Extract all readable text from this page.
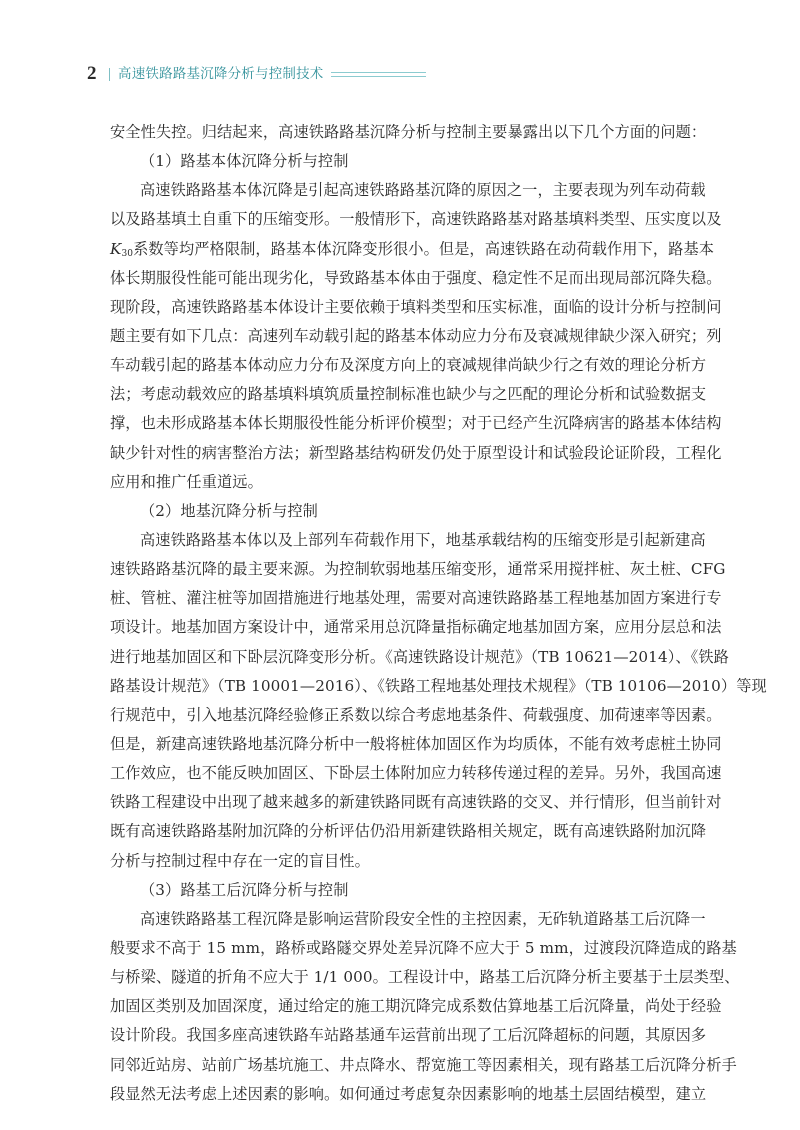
2 高速铁路路基沉降分析与控制技术
安全性失控。归结起来，高速铁路路基沉降分析与控制主要暴露出以下几个方面的问题：
（1）路基本体沉降分析与控制
高速铁路路基本体沉降是引起高速铁路路基沉降的原因之一，主要表现为列车动荷载
以及路基填土自重下的压缩变形。一般情形下，高速铁路路基对路基填料类型、压实度以及
$K_{30}$系数等均严格限制，路基本体沉降变形很小。但是，高速铁路在动荷载作用下，路基本
体长期服役性能可能出现劣化，导致路基本体由于强度、稳定性不足而出现局部沉降失稳。
现阶段，高速铁路路基本体设计主要依赖于填料类型和压实标准，面临的设计分析与控制问
题主要有如下几点：高速列车动载引起的路基本体动应力分布及衰减规律缺少深入研究；列
车动载引起的路基本体动应力分布及深度方向上的衰减规律尚缺少行之有效的理论分析方
法；考虑动载效应的路基填料填筑质量控制标准也缺少与之匹配的理论分析和试验数据支
撑，也未形成路基本体长期服役性能分析评价模型；对于已经产生沉降病害的路基本体结构
缺少针对性的病害整治方法；新型路基结构研发仍处于原型设计和试验段论证阶段，工程化
应用和推广任重道远。
（2）地基沉降分析与控制
高速铁路路基本体以及上部列车荷载作用下，地基承载结构的压缩变形是引起新建高
速铁路路基沉降的最主要来源。为控制软弱地基压缩变形，通常采用搅拌桩、灰土桩、CFG
桩、管桩、灌注桩等加固措施进行地基处理，需要对高速铁路路基工程地基加固方案进行专
项设计。地基加固方案设计中，通常采用总沉降量指标确定地基加固方案，应用分层总和法
进行地基加固区和下卧层沉降变形分析。《高速铁路设计规范》（TB 10621—2014）、《铁路
路基设计规范》（TB 10001—2016）、《铁路工程地基处理技术规程》（TB 10106—2010）等现
行规范中，引入地基沉降经验修正系数以综合考虑地基条件、荷载强度、加荷速率等因素。
但是，新建高速铁路地基沉降分析中一般将桩体加固区作为均质体，不能有效考虑桩土协同
工作效应，也不能反映加固区、下卧层土体附加应力转移传递过程的差异。另外，我国高速
铁路工程建设中出现了越来越多的新建铁路同既有高速铁路的交叉、并行情形，但当前针对
既有高速铁路路基附加沉降的分析评估仍沿用新建铁路相关规定，既有高速铁路附加沉降
分析与控制过程中存在一定的盲目性。
（3）路基工后沉降分析与控制
高速铁路路基工程沉降是影响运营阶段安全性的主控因素，无砟轨道路基工后沉降一
般要求不高于 15 mm，路桥或路隧交界处差异沉降不应大于 5 mm，过渡段沉降造成的路基
与桥梁、隧道的折角不应大于 1/1 000。工程设计中，路基工后沉降分析主要基于土层类型、
加固区类别及加固深度，通过给定的施工期沉降完成系数估算地基工后沉降量，尚处于经验
设计阶段。我国多座高速铁路车站路基通车运营前出现了工后沉降超标的问题，其原因多
同邻近站房、站前广场基坑施工、井点降水、帮宽施工等因素相关，现有路基工后沉降分析手
段显然无法考虑上述因素的影响。如何通过考虑复杂因素影响的地基土层固结模型，建立
